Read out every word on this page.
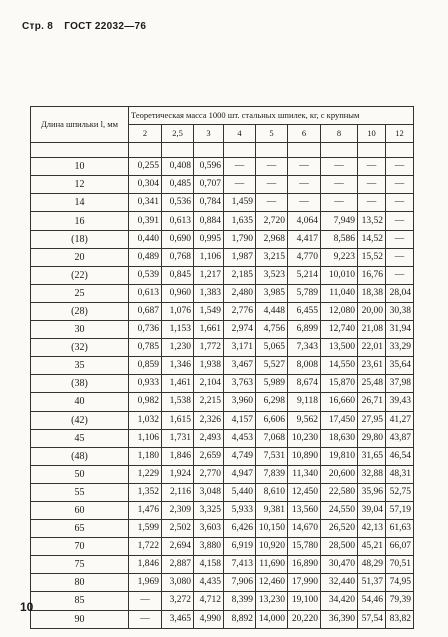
Стр. 8 ГОСТ 22032—76
Длина шпильки l, мм	Теоретическая масса 1000 шт. стальных шпилек, кг, с крупным								
	2	2,5	3	4	5	6	8	10	12

10	0,255	0,408	0,596	—	—	—	—	—	—
12	0,304	0,485	0,707	—	—	—	—	—	—
14	0,341	0,536	0,784	1,459	—	—	—	—	—
16	0,391	0,613	0,884	1,635	2,720	4,064	7,949	13,52	—
(18)	0,440	0,690	0,995	1,790	2,968	4,417	8,586	14,52	—
20	0,489	0,768	1,106	1,987	3,215	4,770	9,223	15,52	—
(22)	0,539	0,845	1,217	2,185	3,523	5,214	10,010	16,76	—
25	0,613	0,960	1,383	2,480	3,985	5,789	11,040	18,38	28,04
(28)	0,687	1,076	1,549	2,776	4,448	6,455	12,080	20,00	30,38
30	0,736	1,153	1,661	2,974	4,756	6,899	12,740	21,08	31,94
(32)	0,785	1,230	1,772	3,171	5,065	7,343	13,500	22,01	33,29
35	0,859	1,346	1,938	3,467	5,527	8,008	14,550	23,61	35,64
(38)	0,933	1,461	2,104	3,763	5,989	8,674	15,870	25,48	37,98
40	0,982	1,538	2,215	3,960	6,298	9,118	16,660	26,71	39,43
(42)	1,032	1,615	2,326	4,157	6,606	9,562	17,450	27,95	41,27
45	1,106	1,731	2,493	4,453	7,068	10,230	18,630	29,80	43,87
(48)	1,180	1,846	2,659	4,749	7,531	10,890	19,810	31,65	46,54
50	1,229	1,924	2,770	4,947	7,839	11,340	20,600	32,88	48,31
55	1,352	2,116	3,048	5,440	8,610	12,450	22,580	35,96	52,75
60	1,476	2,309	3,325	5,933	9,381	13,560	24,550	39,04	57,19
65	1,599	2,502	3,603	6,426	10,150	14,670	26,520	42,13	61,63
70	1,722	2,694	3,880	6,919	10,920	15,780	28,500	45,21	66,07
75	1,846	2,887	4,158	7,413	11,690	16,890	30,470	48,29	70,51
80	1,969	3,080	4,435	7,906	12,460	17,990	32,440	51,37	74,95
85	—	3,272	4,712	8,399	13,230	19,100	34,420	54,46	79,39
90	—	3,465	4,990	8,892	14,000	20,220	36,390	57,54	83,82
10
